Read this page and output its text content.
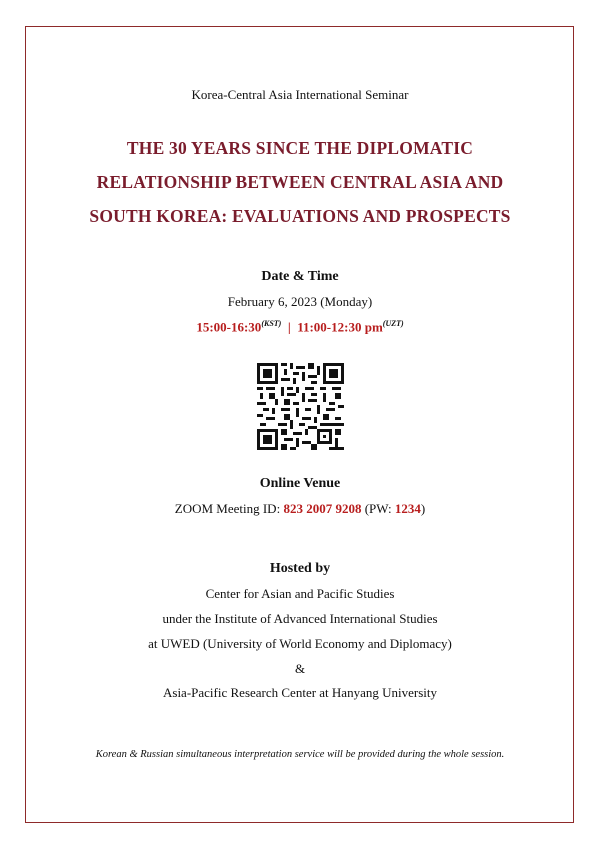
Korea-Central Asia International Seminar
THE 30 YEARS SINCE THE DIPLOMATIC
RELATIONSHIP BETWEEN CENTRAL ASIA AND
SOUTH KOREA: EVALUATIONS AND PROSPECTS
Date & Time
February 6, 2023 (Monday)
$15:00-16:30^{(KST)}$ | 11:00-12:30 $pm^{(UZT)}$
Online Venue
ZOOM Meeting ID: 823 2007 9208 (PW: 1234)
Hosted by
Center for Asian and Pacific Studies
under the Institute of Advanced International Studies
at UWED (University of World Economy and Diplomacy)
&
Asia-Pacific Research Center at Hanyang University
Korean & Russian simultaneous interpretation service will be provided during the whole session.
